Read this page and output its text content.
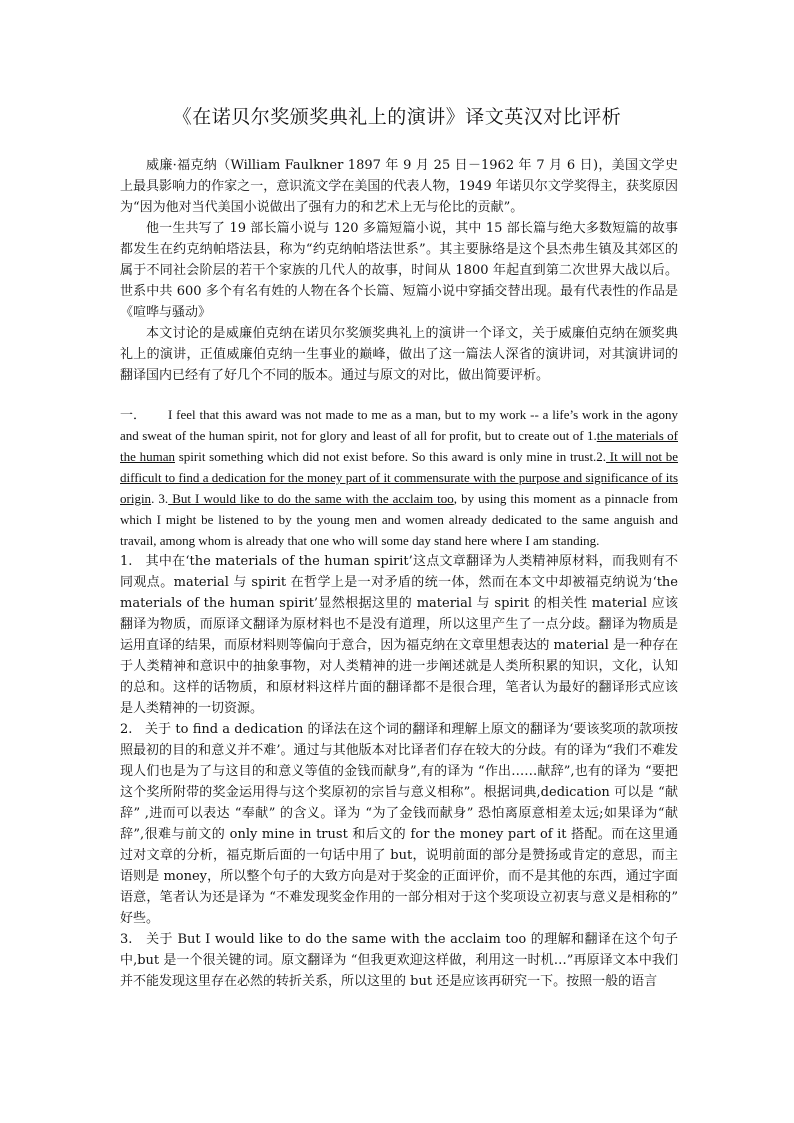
《在诺贝尔奖颁奖典礼上的演讲》译文英汉对比评析

威廉·福克纳（William Faulkner 1897 年 9 月 25 日－1962 年 7 月 6 日)，美国文学史上最具影响力的作家之一，意识流文学在美国的代表人物，1949 年诺贝尔文学奖得主，获奖原因为“因为他对当代美国小说做出了强有力的和艺术上无与伦比的贡献”。

他一生共写了 19 部长篇小说与 120 多篇短篇小说，其中 15 部长篇与绝大多数短篇的故事都发生在约克纳帕塔法县，称为“约克纳帕塔法世系”。其主要脉络是这个县杰弗生镇及其郊区的属于不同社会阶层的若干个家族的几代人的故事，时间从 1800 年起直到第二次世界大战以后。世系中共 600 多个有名有姓的人物在各个长篇、短篇小说中穿插交替出现。最有代表性的作品是《喧哗与骚动》

本文讨论的是威廉伯克纳在诺贝尔奖颁奖典礼上的演讲一个译文，关于威廉伯克纳在颁奖典礼上的演讲，正值威廉伯克纳一生事业的巅峰，做出了这一篇法人深省的演讲词，对其演讲词的翻译国内已经有了好几个不同的版本。通过与原文的对比，做出简要评析。

一． I feel that this award was not made to me as a man, but to my work -- a life’s work in the agony and sweat of the human spirit, not for glory and least of all for profit, but to create out of 1.the materials of the human spirit something which did not exist before. So this award is only mine in trust.2. It will not be difficult to find a dedication for the money part of it commensurate with the purpose and significance of its origin. 3. But I would like to do the same with the acclaim too, by using this moment as a pinnacle from which I might be listened to by the young men and women already dedicated to the same anguish and travail, among whom is already that one who will some day stand here where I am standing.

1.   其中在‘the materials of the human spirit’这点文章翻译为人类精神原材料，而我则有不同观点。material 与 spirit 在哲学上是一对矛盾的统一体，然而在本文中却被福克纳说为‘the materials of the human spirit’显然根据这里的 material 与 spirit 的相关性 material 应该翻译为物质，而原译文翻译为原材料也不是没有道理，所以这里产生了一点分歧。翻译为物质是运用直译的结果，而原材料则等偏向于意合，因为福克纳在文章里想表达的 material 是一种存在于人类精神和意识中的抽象事物，对人类精神的进一步阐述就是人类所积累的知识，文化，认知的总和。这样的话物质，和原材料这样片面的翻译都不是很合理，笔者认为最好的翻译形式应该是人类精神的一切资源。

2.   关于 to find a dedication 的译法在这个词的翻译和理解上原文的翻译为‘要该奖项的款项按照最初的目的和意义并不难’。通过与其他版本对比译者们存在较大的分歧。有的译为“我们不难发现人们也是为了与这目的和意义等值的金钱而献身”,有的译为 “作出……献辞”,也有的译为 “要把这个奖所附带的奖金运用得与这个奖原初的宗旨与意义相称”。根据词典,dedication 可以是 “献辞” ,进而可以表达 “奉献” 的含义。译为 “为了金钱而献身” 恐怕离原意相差太远;如果译为“献辞”,很难与前文的 only mine in trust 和后文的 for the money part of it 搭配。而在这里通过对文章的分析，福克斯后面的一句话中用了 but，说明前面的部分是赞扬或肯定的意思，而主语则是 money，所以整个句子的大致方向是对于奖金的正面评价，而不是其他的东西，通过字面语意，笔者认为还是译为 “不难发现奖金作用的一部分相对于这个奖项设立初衷与意义是相称的” 好些。

3.   关于 But I would like to do the same with the acclaim too 的理解和翻译在这个句子中,but 是一个很关键的词。原文翻译为 “但我更欢迎这样做，利用这一时机…”再原译文本中我们并不能发现这里存在必然的转折关系，所以这里的 but 还是应该再研究一下。按照一般的语言
